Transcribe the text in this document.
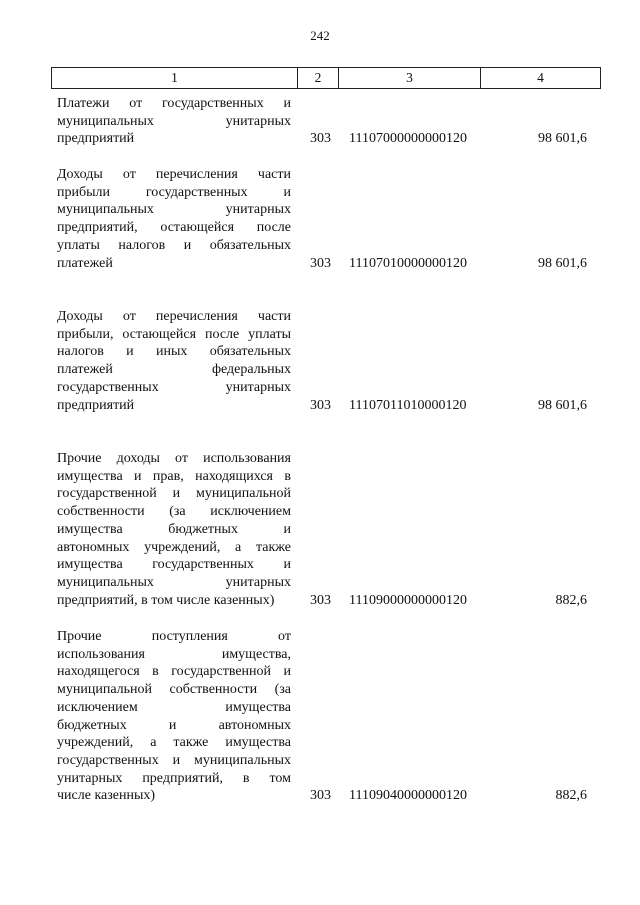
242
1	2	3	4
Платежи от государственных и
муниципальных унитарных
предприятий	303 11107000000000120	98 601,6
Доходы от перечисления части
прибыли государственных и
муниципальных унитарных
предприятий, остающейся после
уплаты налогов и обязательных
платежей	303 11107010000000120	98 601,6
Доходы от перечисления части
прибыли, остающейся после уплаты
налогов и иных обязательных
платежей федеральных
государственных унитарных
предприятий	303 11107011010000120	98 601,6
Прочие доходы от использования
имущества и прав, находящихся в
государственной и муниципальной
собственности (за исключением
имущества бюджетных и
автономных учреждений, а также
имущества государственных и
муниципальных унитарных
предприятий, в том числе казенных)	303 11109000000000120	882,6
Прочие поступления от
использования имущества,
находящегося в государственной и
муниципальной собственности (за
исключением имущества
бюджетных и автономных
учреждений, а также имущества
государственных и муниципальных
унитарных предприятий, в том
числе казенных)	303 11109040000000120	882,6
